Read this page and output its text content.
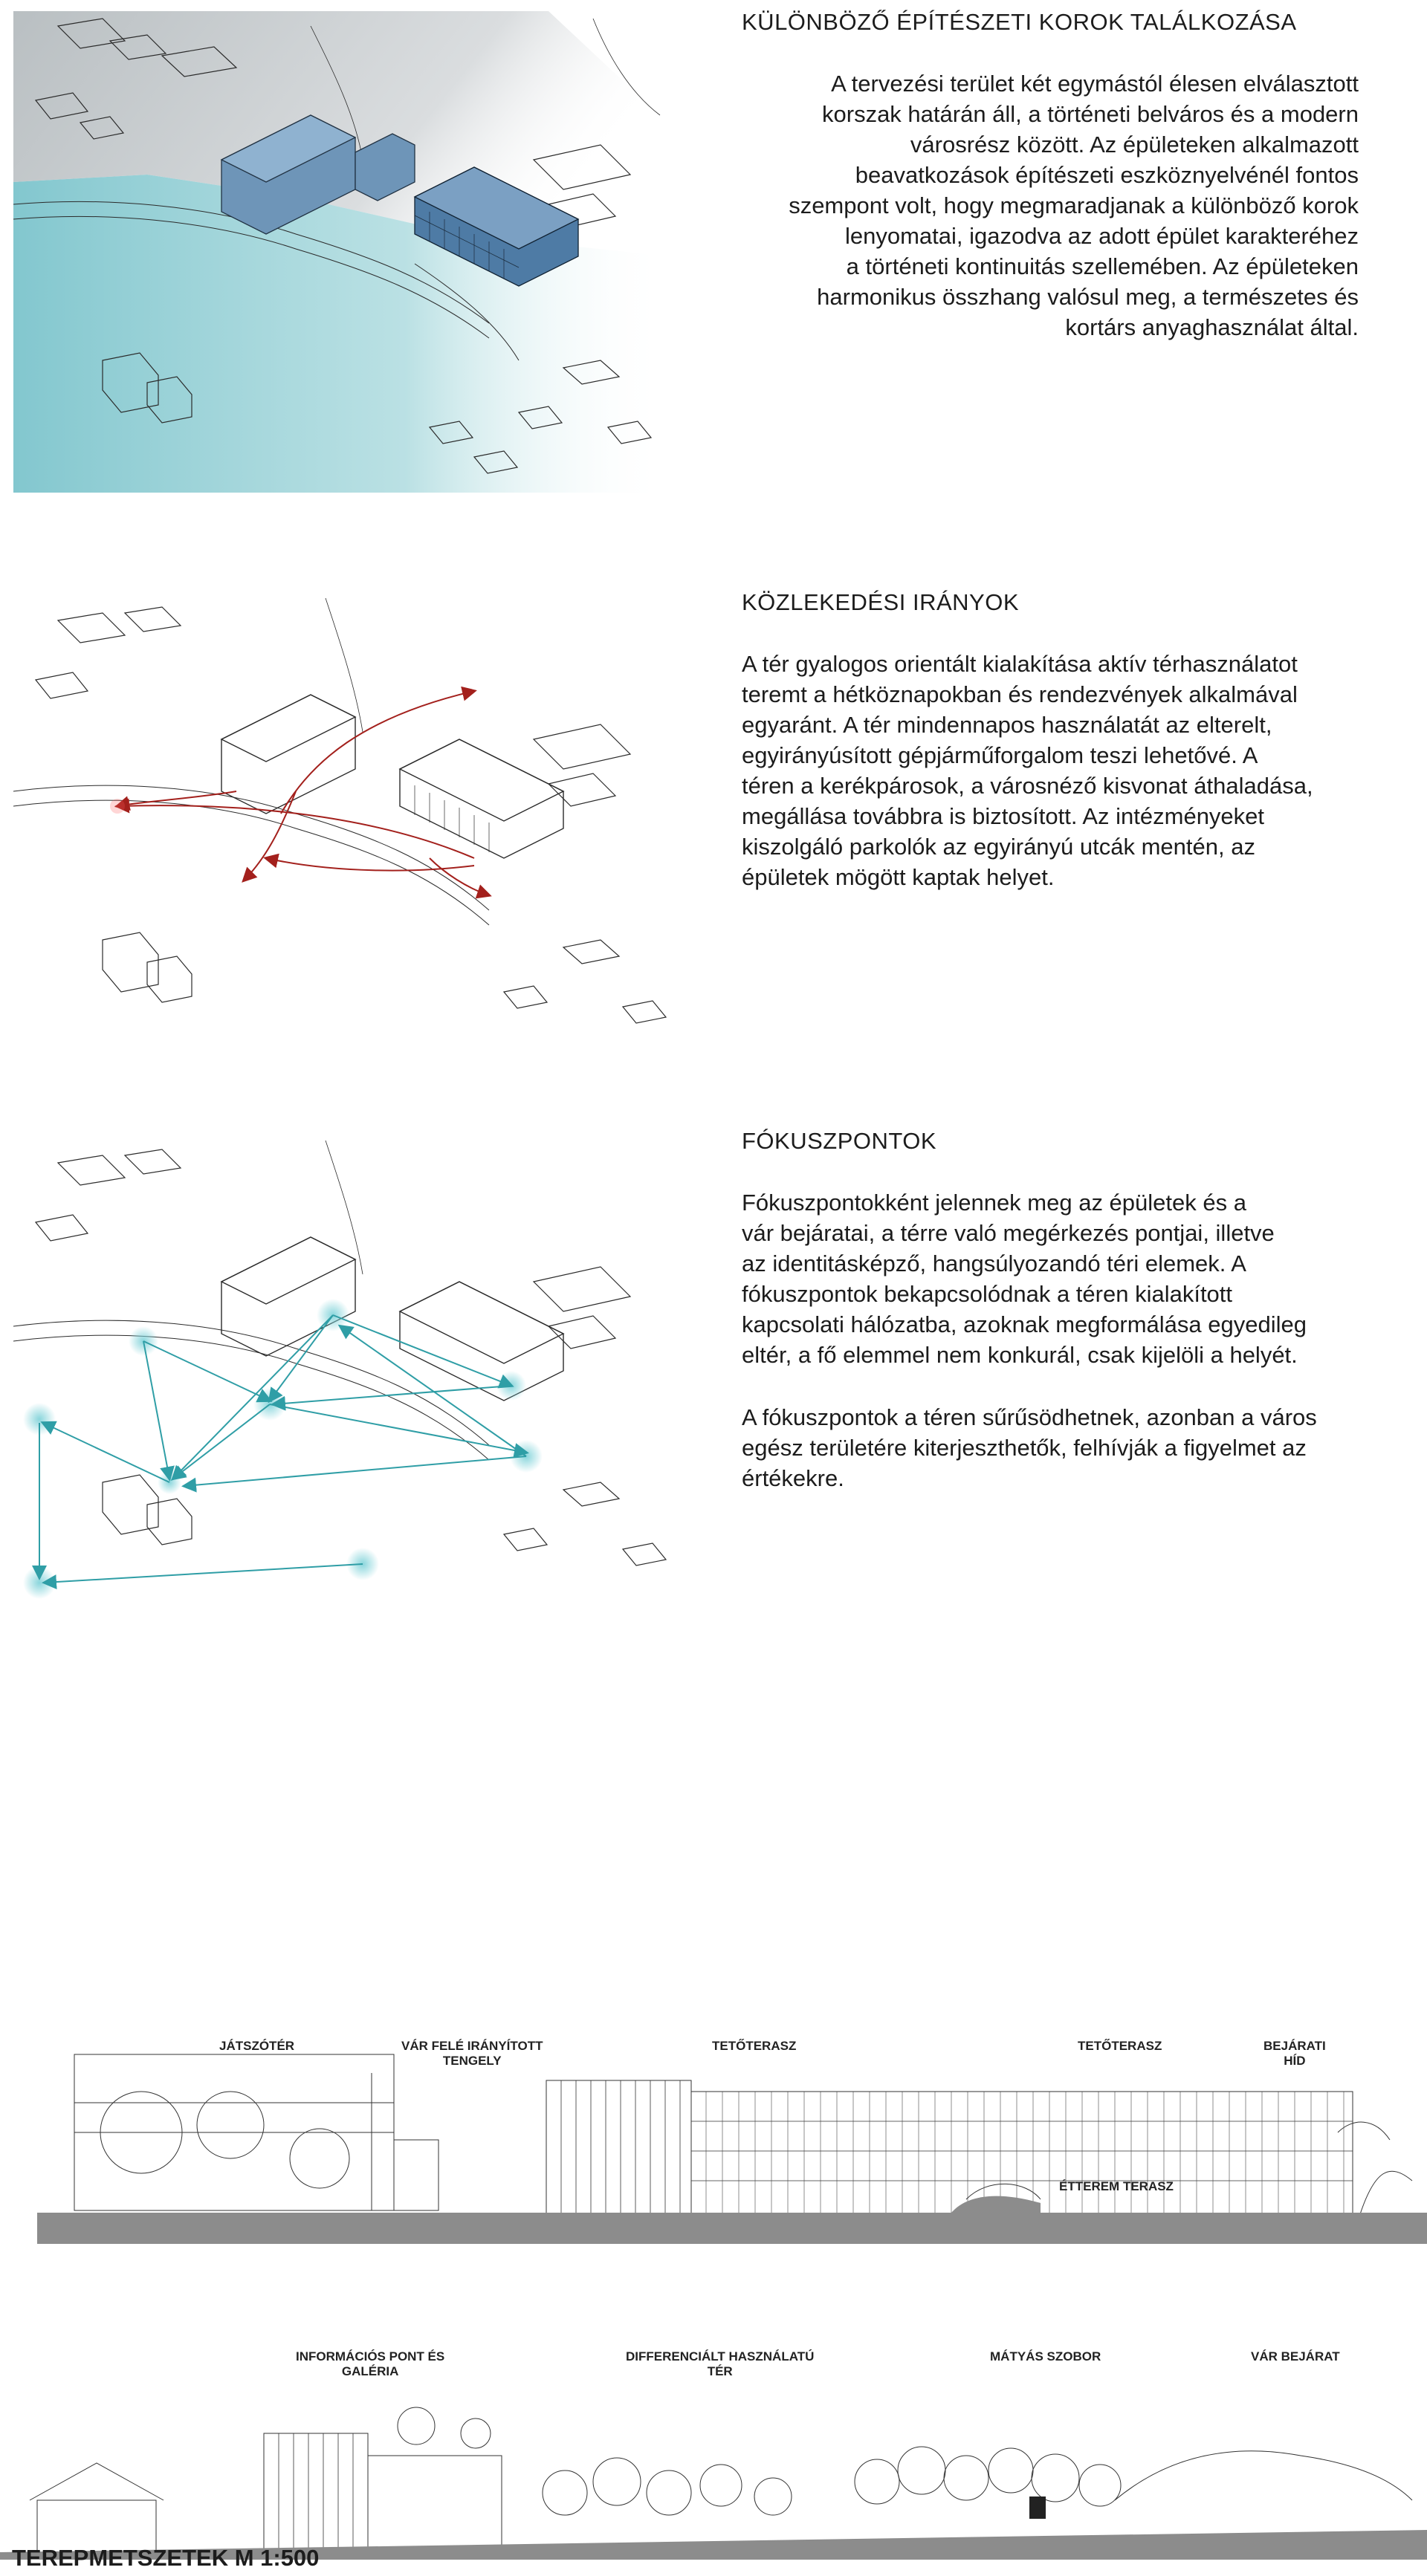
KÜLÖNBÖZŐ ÉPÍTÉSZETI KOROK TALÁLKOZÁSA
A tervezési terület két egymástól élesen elválasztott
korszak határán áll, a történeti belváros és a modern
városrész között. Az épületeken alkalmazott
beavatkozások építészeti eszköznyelvénél fontos
szempont volt, hogy megmaradjanak a különböző korok
lenyomatai, igazodva az adott épület karakteréhez
a történeti kontinuitás szellemében. Az épületeken
harmonikus összhang valósul meg, a természetes és
kortárs anyaghasználat által.
KÖZLEKEDÉSI IRÁNYOK
A tér gyalogos orientált kialakítása aktív térhasználatot
teremt a hétköznapokban és rendezvények alkalmával
egyaránt. A tér mindennapos használatát az elterelt,
egyirányúsított gépjárműforgalom teszi lehetővé. A
téren a kerékpárosok, a városnéző kisvonat áthaladása,
megállása továbbra is biztosított. Az intézményeket
kiszolgáló parkolók az egyirányú utcák mentén, az
épületek mögött kaptak helyet.
FÓKUSZPONTOK
Fókuszpontokként jelennek meg az épületek és a
vár bejáratai, a térre való megérkezés pontjai, illetve
az identitásképző, hangsúlyozandó téri elemek. A
fókuszpontok bekapcsolódnak a téren kialakított
kapcsolati hálózatba, azoknak megformálása egyedileg
eltér, a fő elemmel nem konkurál, csak kijelöli a helyét.
A fókuszpontok a téren sűrűsödhetnek, azonban a város
egész területére kiterjeszthetők, felhívják a figyelmet az
értékekre.
JÁTSZÓTÉR	VÁR FELÉ IRÁNYÍTOTT
TENGELY
TETŐTERASZ	TETŐTERASZ	BEJÁRATI
HÍD
ÉTTEREM TERASZ
INFORMÁCIÓS PONT ÉS
GALÉRIA
DIFFERENCIÁLT HASZNÁLATÚ
TÉR
MÁTYÁS SZOBOR	VÁR BEJÁRAT
TEREPMETSZETEK M 1:500
